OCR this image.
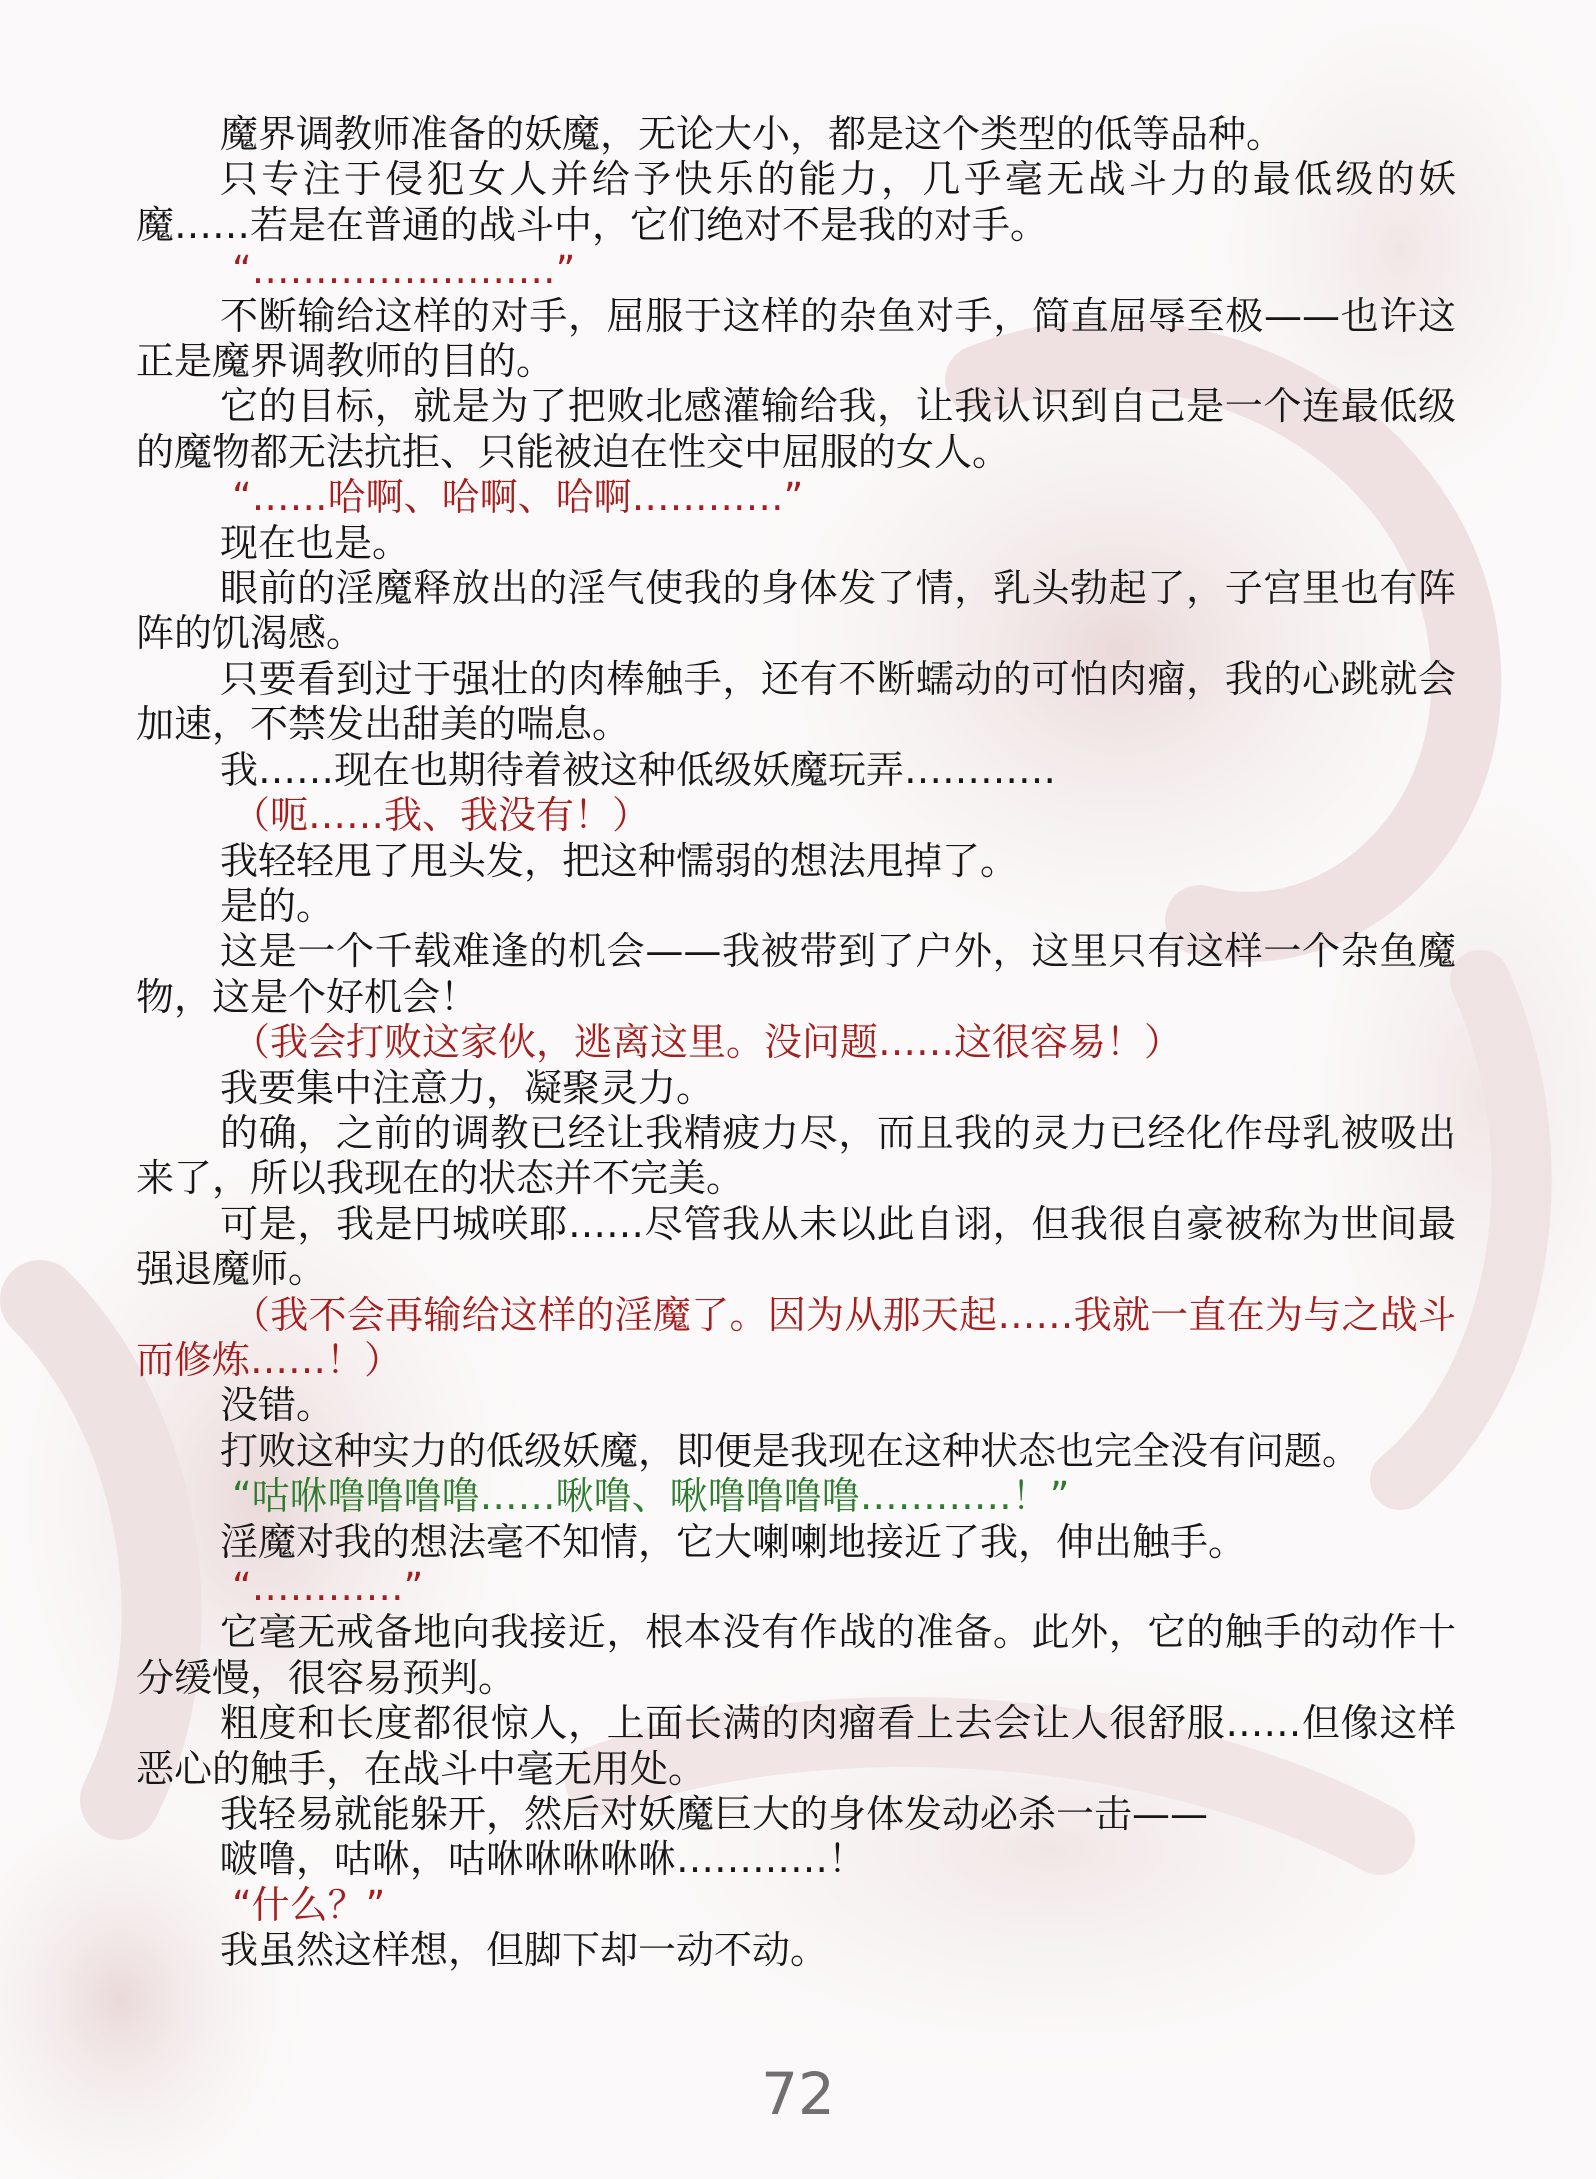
魔界调教师准备的妖魔，无论大小，都是这个类型的低等品种。

只专注于侵犯女人并给予快乐的能力，几乎毫无战斗力的最低级的妖魔……若是在普通的战斗中，它们绝对不是我的对手。

“……………………”

不断输给这样的对手，屈服于这样的杂鱼对手，简直屈辱至极——也许这正是魔界调教师的目的。

它的目标，就是为了把败北感灌输给我，让我认识到自己是一个连最低级的魔物都无法抗拒、只能被迫在性交中屈服的女人。

“……哈啊、哈啊、哈啊…………”

现在也是。

眼前的淫魔释放出的淫气使我的身体发了情，乳头勃起了，子宫里也有阵阵的饥渴感。

只要看到过于强壮的肉棒触手，还有不断蠕动的可怕肉瘤，我的心跳就会加速，不禁发出甜美的喘息。

我……现在也期待着被这种低级妖魔玩弄…………

（呃……我、我没有！）

我轻轻甩了甩头发，把这种懦弱的想法甩掉了。

是的。

这是一个千载难逢的机会——我被带到了户外，这里只有这样一个杂鱼魔物，这是个好机会！

（我会打败这家伙，逃离这里。没问题……这很容易！）

我要集中注意力，凝聚灵力。

的确，之前的调教已经让我精疲力尽，而且我的灵力已经化作母乳被吸出来了，所以我现在的状态并不完美。

可是，我是円城咲耶……尽管我从未以此自诩，但我很自豪被称为世间最强退魔师。

（我不会再输给这样的淫魔了。因为从那天起……我就一直在为与之战斗而修炼……！）

没错。

打败这种实力的低级妖魔，即便是我现在这种状态也完全没有问题。

“咕咻噜噜噜噜……啾噜、啾噜噜噜噜…………！”

淫魔对我的想法毫不知情，它大喇喇地接近了我，伸出触手。

“…………”

它毫无戒备地向我接近，根本没有作战的准备。此外，它的触手的动作十分缓慢，很容易预判。

粗度和长度都很惊人，上面长满的肉瘤看上去会让人很舒服……但像这样恶心的触手，在战斗中毫无用处。

我轻易就能躲开，然后对妖魔巨大的身体发动必杀一击——

啵噜，咕咻，咕咻咻咻咻咻…………！

“什么？”

我虽然这样想，但脚下却一动不动。

72
